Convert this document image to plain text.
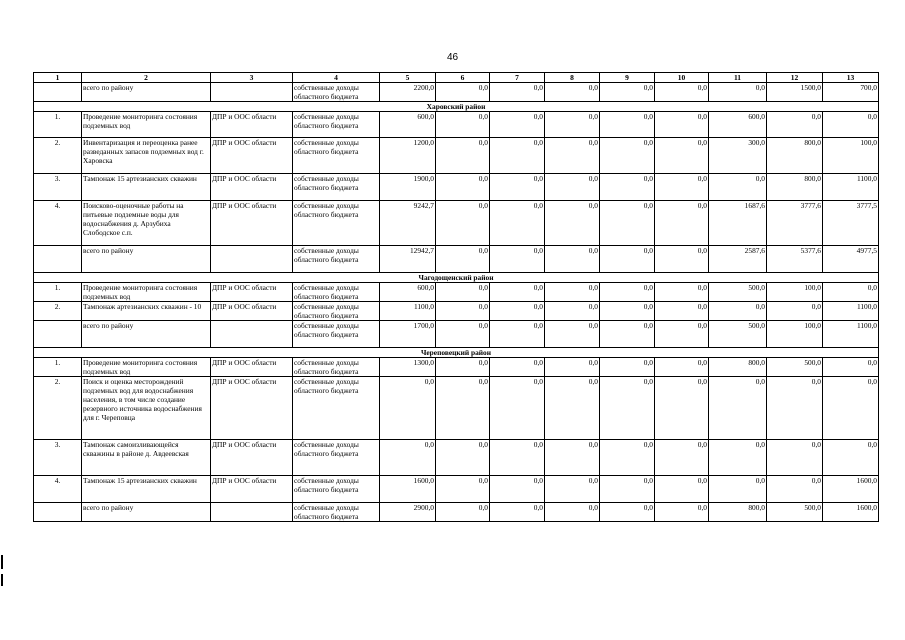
46
1	2	3	4	5	6	7	8	9	10	11	12	13
	всего по району		собственные доходы областного бюджета	2200,0	0,0	0,0	0,0	0,0	0,0	0,0	1500,0	700,0
Харовский район												
1.	Проведение мониторинга состояния подземных вод	ДПР и ООС области	собственные доходы областного бюджета	600,0	0,0	0,0	0,0	0,0	0,0	600,0	0,0	0,0
2.	Инвентаризация и переоценка ранее разведанных запасов подземных вод г. Харовска	ДПР и ООС области	собственные доходы областного бюджета	1200,0	0,0	0,0	0,0	0,0	0,0	300,0	800,0	100,0
3.	Тампонаж 15 артезианских скважин	ДПР и ООС области	собственные доходы областного бюджета	1900,0	0,0	0,0	0,0	0,0	0,0	0,0	800,0	1100,0
4.	Поисково-оценочные работы на питьевые подземные воды для водоснабжения д. Арзубиха Слободское с.п.	ДПР и ООС области	собственные доходы областного бюджета	9242,7	0,0	0,0	0,0	0,0	0,0	1687,6	3777,6	3777,5
	всего по району		собственные доходы областного бюджета	12942,7	0,0	0,0	0,0	0,0	0,0	2587,6	5377,6	4977,5
Чагодощенский район												
1.	Проведение мониторинга состояния подземных вод	ДПР и ООС области	собственные доходы областного бюджета	600,0	0,0	0,0	0,0	0,0	0,0	500,0	100,0	0,0
2.	Тампонаж артезианских скважин - 10	ДПР и ООС области	собственные доходы областного бюджета	1100,0	0,0	0,0	0,0	0,0	0,0	0,0	0,0	1100,0
	всего по району		собственные доходы областного бюджета	1700,0	0,0	0,0	0,0	0,0	0,0	500,0	100,0	1100,0
Череповецкий район												
1.	Проведение мониторинга состояния подземных вод	ДПР и ООС области	собственные доходы областного бюджета	1300,0	0,0	0,0	0,0	0,0	0,0	800,0	500,0	0,0
2.	Поиск и оценка месторождений подземных вод для водоснабжения населения, в том числе создание резервного источника водоснабжения для г. Череповца	ДПР и ООС области	собственные доходы областного бюджета	0,0	0,0	0,0	0,0	0,0	0,0	0,0	0,0	0,0
3.	Тампонаж самоизливающейся скважины в районе д. Авдеевская	ДПР и ООС области	собственные доходы областного бюджета	0,0	0,0	0,0	0,0	0,0	0,0	0,0	0,0	0,0
4.	Тампонаж 15 артезианских скважин	ДПР и ООС области	собственные доходы областного бюджета	1600,0	0,0	0,0	0,0	0,0	0,0	0,0	0,0	1600,0
	всего по району		собственные доходы областного бюджета	2900,0	0,0	0,0	0,0	0,0	0,0	800,0	500,0	1600,0
